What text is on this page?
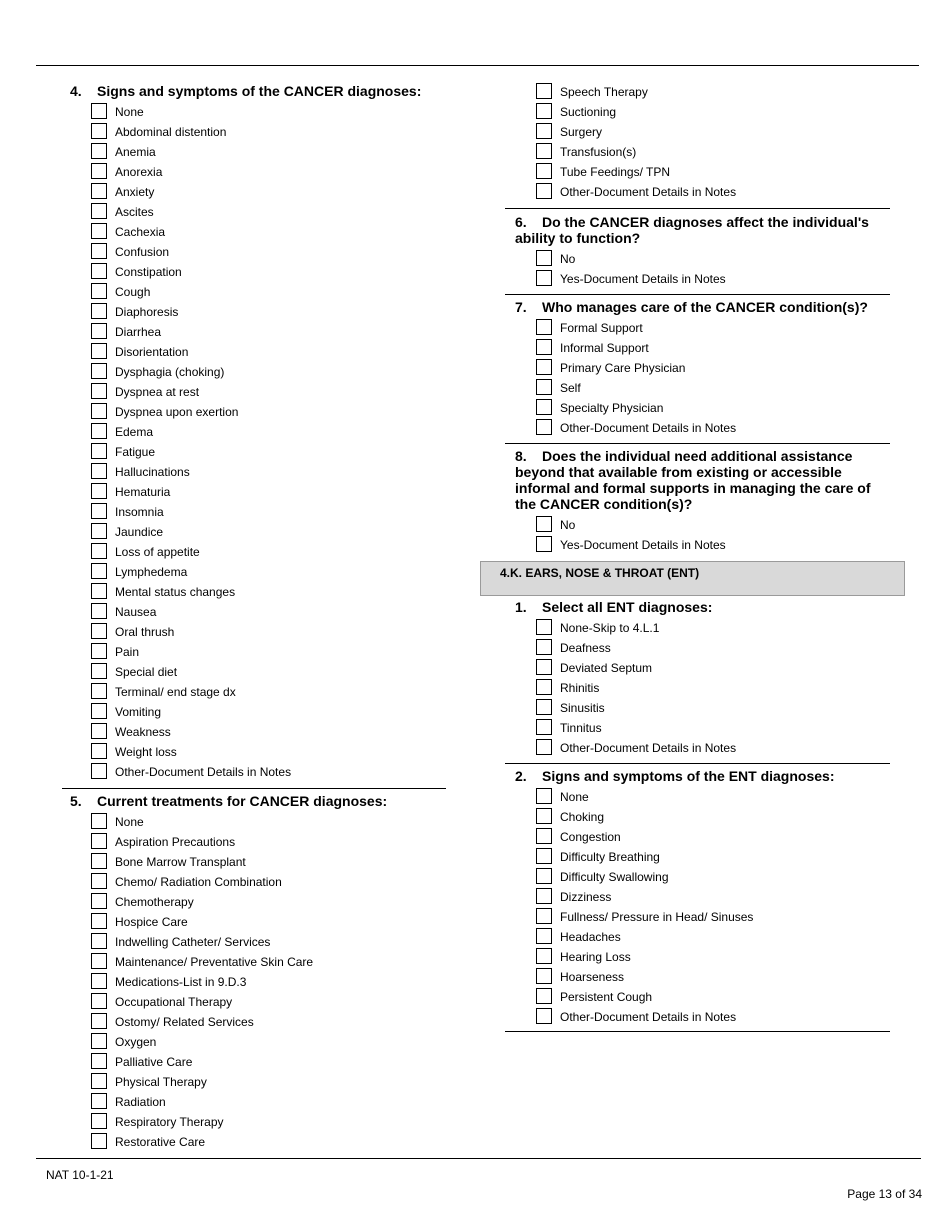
4. Signs and symptoms of the CANCER diagnoses:
None
Abdominal distention
Anemia
Anorexia
Anxiety
Ascites
Cachexia
Confusion
Constipation
Cough
Diaphoresis
Diarrhea
Disorientation
Dysphagia (choking)
Dyspnea at rest
Dyspnea upon exertion
Edema
Fatigue
Hallucinations
Hematuria
Insomnia
Jaundice
Loss of appetite
Lymphedema
Mental status changes
Nausea
Oral thrush
Pain
Special diet
Terminal/ end stage dx
Vomiting
Weakness
Weight loss
Other-Document Details in Notes
5. Current treatments for CANCER diagnoses:
None
Aspiration Precautions
Bone Marrow Transplant
Chemo/ Radiation Combination
Chemotherapy
Hospice Care
Indwelling Catheter/ Services
Maintenance/ Preventative Skin Care
Medications-List in 9.D.3
Occupational Therapy
Ostomy/ Related Services
Oxygen
Palliative Care
Physical Therapy
Radiation
Respiratory Therapy
Restorative Care
Speech Therapy
Suctioning
Surgery
Transfusion(s)
Tube Feedings/ TPN
Other-Document Details in Notes
6. Do the CANCER diagnoses affect the individual's ability to function?
No
Yes-Document Details in Notes
7. Who manages care of the CANCER condition(s)?
Formal Support
Informal Support
Primary Care Physician
Self
Specialty Physician
Other-Document Details in Notes
8. Does the individual need additional assistance beyond that available from existing or accessible informal and formal supports in managing the care of the CANCER condition(s)?
No
Yes-Document Details in Notes
4.K. EARS, NOSE & THROAT (ENT)
1. Select all ENT diagnoses:
None-Skip to 4.L.1
Deafness
Deviated Septum
Rhinitis
Sinusitis
Tinnitus
Other-Document Details in Notes
2. Signs and symptoms of the ENT diagnoses:
None
Choking
Congestion
Difficulty Breathing
Difficulty Swallowing
Dizziness
Fullness/ Pressure in Head/ Sinuses
Headaches
Hearing Loss
Hoarseness
Persistent Cough
Other-Document Details in Notes
NAT 10-1-21
Page 13 of 34
